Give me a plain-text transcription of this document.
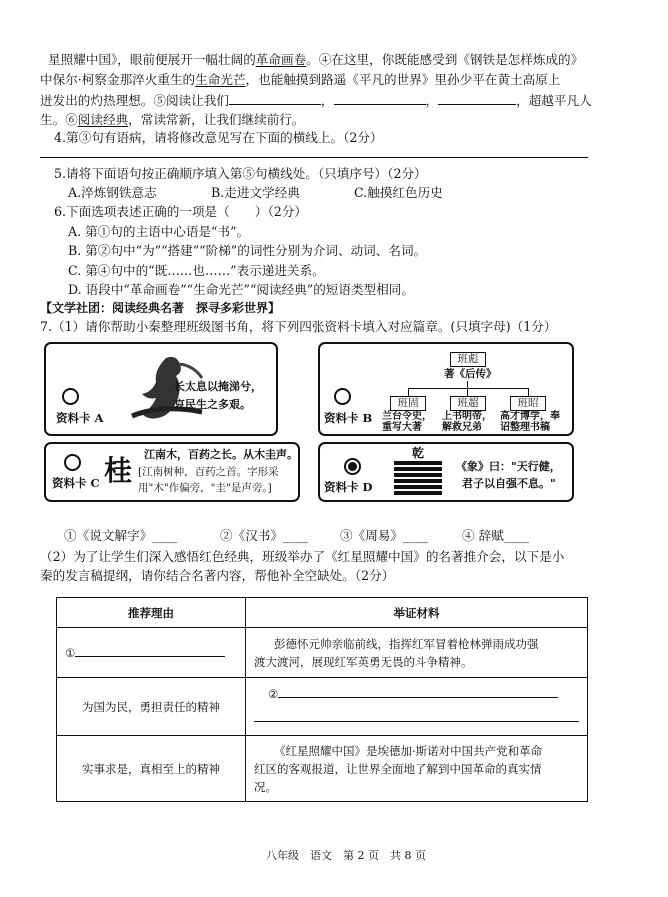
星照耀中国》，眼前便展开一幅壮阔的革命画卷。④在这里，你既能感受到《钢铁是怎样炼成的》
中保尔·柯察金那淬火重生的生命光芒，也能触摸到路遥《平凡的世界》里孙少平在黄土高原上
迸发出的灼热理想。⑤阅读让我们	，	，	，超越平凡人
生。⑥阅读经典，常读常新，让我们继续前行。
4.第③句有语病，请将修改意见写在下面的横线上。（2分）
5.请将下面语句按正确顺序填入第⑤句横线处。（只填序号）（2分）
A.淬炼钢铁意志	B.走进文学经典	C.触摸红色历史
6.下面选项表述正确的一项是（　　）（2分）
A. 第①句的主语中心语是“书”。
B. 第②句中“为”“搭建”“阶梯”的词性分别为介词、动词、名词。
C. 第④句中的“既……也……”表示递进关系。
D. 语段中“革命画卷”“生命光芒”“阅读经典”的短语类型相同。
【文学社团：阅读经典名著　探寻多彩世界】
7.（1）请你帮助小秦整理班级图书角，将下列四张资料卡填入对应篇章。(只填字母)（1分）
长太息以掩涕兮，
哀民生之多艰。
资料卡 A	资料卡 B
班彪
著《后传》
班固	班超	班昭
兰台令史，
重写大著
上书明帝，
解救兄弟
高才博学，奉
诏整理书稿
资料卡 C 桂 江南木，百药之长。从木圭声。
[江南树种，百药之首。字形采
用"木"作偏旁，"圭"是声旁。]	资料卡 D
乾
《象》曰："天行健，
君子以自强不息。"
①《说文解字》____	②《汉书》____	③《周易》____	④ 辞赋____
（2）为了让学生们深入感悟红色经典，班级举办了《红星照耀中国》的名著推介会，以下是小
秦的发言稿提纲，请你结合名著内容，帮他补全空缺处。（2分）
推荐理由	举证材料
①	彭德怀元帅亲临前线，指挥红军冒着枪林弹雨成功强
渡大渡河，展现红军英勇无畏的斗争精神。

为国为民，勇担责任的精神	②

实事求是，真相至上的精神	《红星照耀中国》是埃德加·斯诺对中国共产党和革命
红区的客观报道，让世界全面地了解到中国革命的真实情
况。
八年级　语文　第 2 页　共 8 页
